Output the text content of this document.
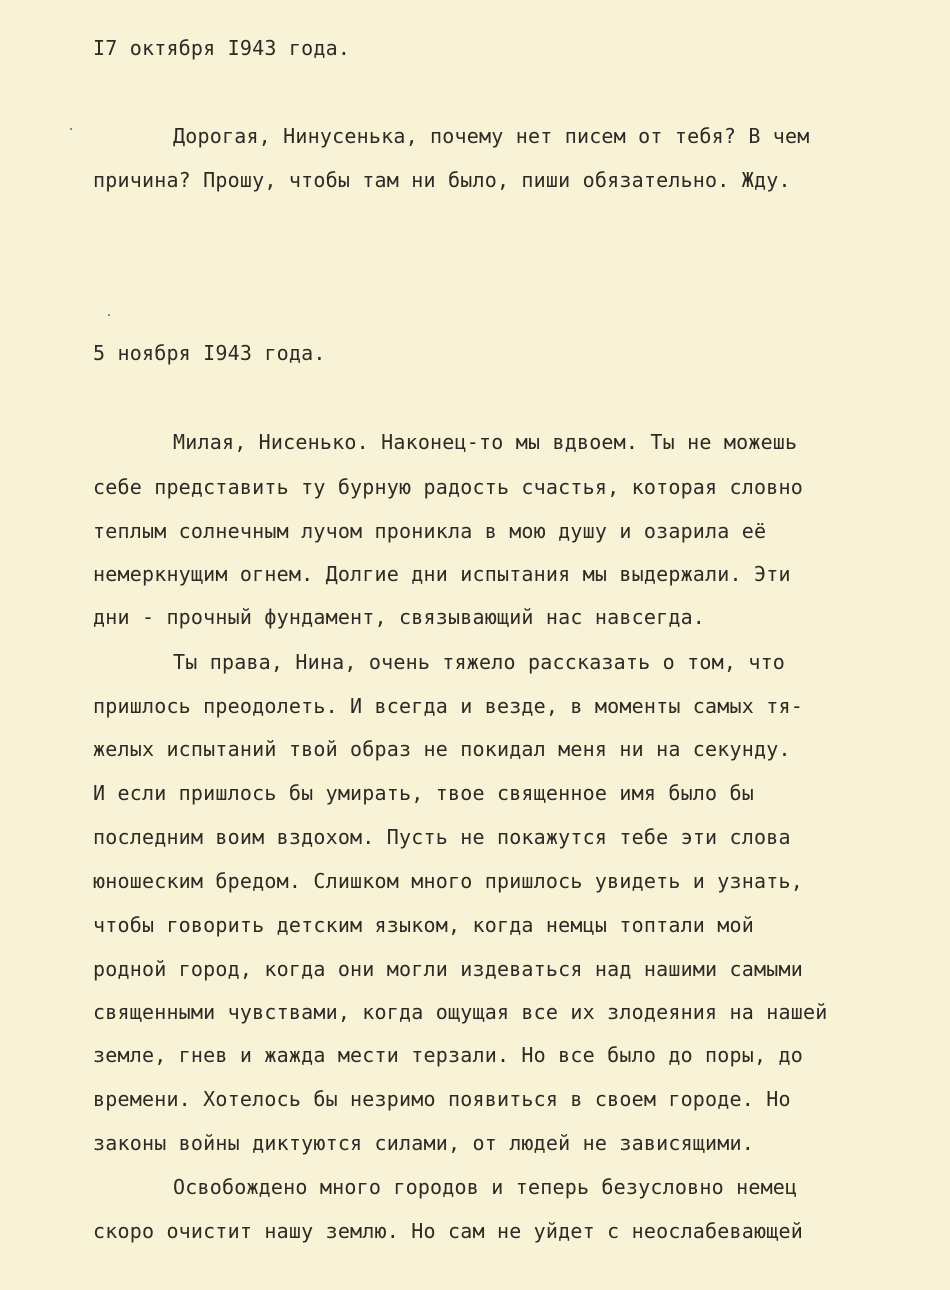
I7 октября I943 года.
Дорогая, Нинусенька, почему нет писем от тебя? В чем
причина? Прошу, чтобы там ни было, пиши обязательно. Жду.
5 ноября I943 года.
Милая, Нисенько. Наконец-то мы вдвоем. Ты не можешь
себе представить ту бурную радость счастья, которая словно
теплым солнечным лучом проникла в мою душу и озарила её
немеркнущим огнем. Долгие дни испытания мы выдержали. Эти
дни - прочный фундамент, связывающий нас навсегда.
Ты права, Нина, очень тяжело рассказать о том, что
пришлось преодолеть. И всегда и везде, в моменты самых тя-
желых испытаний твой образ не покидал меня ни на секунду.
И если пришлось бы умирать, твое священное имя было бы
последним воим вздохом. Пусть не покажутся тебе эти слова
юношеским бредом. Слишком много пришлось увидеть и узнать,
чтобы говорить детским языком, когда немцы топтали мой
родной город, когда они могли издеваться над нашими самыми
священными чувствами, когда ощущая все их злодеяния на нашей
земле, гнев и жажда мести терзали. Но все было до поры, до
времени. Хотелось бы незримо появиться в своем городе. Но
законы войны диктуются силами, от людей не зависящими.
Освобождено много городов и теперь безусловно немец
скоро очистит нашу землю. Но сам не уйдет с неослабевающей
